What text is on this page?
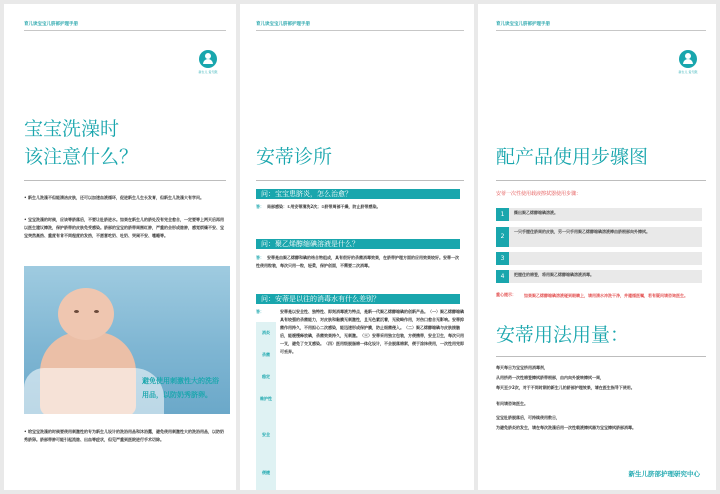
育儿读宝宝儿脐部护理手册
新生儿 爱无限
宝宝洗澡时
该注意什么？
• 新生儿洗澡不但能清洁皮肤，还可以加速血液循环，促进新生儿生长发育，但新生儿洗澡大有学问。
• 宝宝洗澡的时候，应该等脐落后，不要让肚脐进水。如果在新生儿的脐处没有完全愈合，一定要等上两天后再用以医生建议擦洗，保护脐带的皮肤免受感染。脐部的宝宝的脐带周围红肿，严重的会形成脓肿，感觉烦燥不安、宝宝突然高热、重度有肯不同程度的发热，不愿意吃奶、吐奶、哭闹不安、嗜睡等。
避免使用刺激性大的洗浴用品，以防奶秀脐卵。
• 给宝宝洗澡的时候要使用刺激性的专为新生儿设计的洗浴用品和沐浴露，避免使用刺激性大的洗浴用品，以防奶秀脐卵。脐部带肿可能引起流脓、出血等症状，但见严重到医院进行手术切除。
育儿读宝宝儿脐部护理手册
安蒂诊所
问：宝宝患脐炎，怎么治愈？
答： 局部感染：①用安蒂清洗2次；②脐带周部干燥，防止脐带感染。
问：聚乙烯醇缩碘溶液是什么？
答： 安蒂是由聚乙烯醇和碘的络合物组成，具有很好的杀菌消毒效果，在脐带护理方面的应用效果较好。安蒂一次性使用粒装，每次只用一粒，轻柔，保护创面，不需要二次消毒。
问：安蒂是以往的消毒水有什么差别？
答：
消炎
杀菌
稳定
维护性
安全
便捷
安蒂是以安全性、独特性、即刻消毒液为特点，是新一代聚乙烯醇缩碘的创新产品。（一）聚乙烯醇缩碘具有较强的杀菌能力，对皮肤和黏膜无刺激性，且无色素沉着，无致畸作用，对伤口愈合无影响。安蒂抑菌作用持久，不用担心二次感染，能迅速形成保护膜，防止细菌侵入。（二）聚乙烯醇缩碘与皮肤接触后，能缓慢释放碘，杀菌效果持久，无刺激。（三）安蒂采用独立包装，方便携带，安全卫生，每次只用一支，避免了交叉感染。（四）医用级脱脂棉一体化设计，不会脱落棉絮，便于涂抹使用，一次性用完即可丢弃。
育儿读宝宝儿脐部护理手册
新生儿 爱无限
配产品使用步骤图
安蒂一次性使用载液擦拭器使用步骤：
1	撕出聚乙烯醇缩碘溶液。
2
一只手握住脐周的皮肤，另一只手用聚乙烯醇缩碘溶液棒由脐根部向外擦拭。
3
4	把握住的棉签，将用聚乙烯醇缩碘溶液消毒。
重心提示： 如果聚乙烯醇缩碘溶液碰到眼睛上，请用清水冲洗干净，并遵循医嘱，若有疑问请咨询医生。
安蒂用法用量：
每天每日为宝宝挤用消毒剂，
从用挤药一次性棉签擦拭脐带根部，由内向外旋转擦拭一周，
每天至少2次，对于不同时期的新生儿的脐部护理效果，请在医生指导下使用。
有问请咨询医生。
宝宝肚脐脱落后，可持续使用数日，
为避免脐炎的发生，请在每次洗澡后用一次性载液擦拭器为宝宝擦拭脐部消毒。
新生儿脐部护理研究中心
